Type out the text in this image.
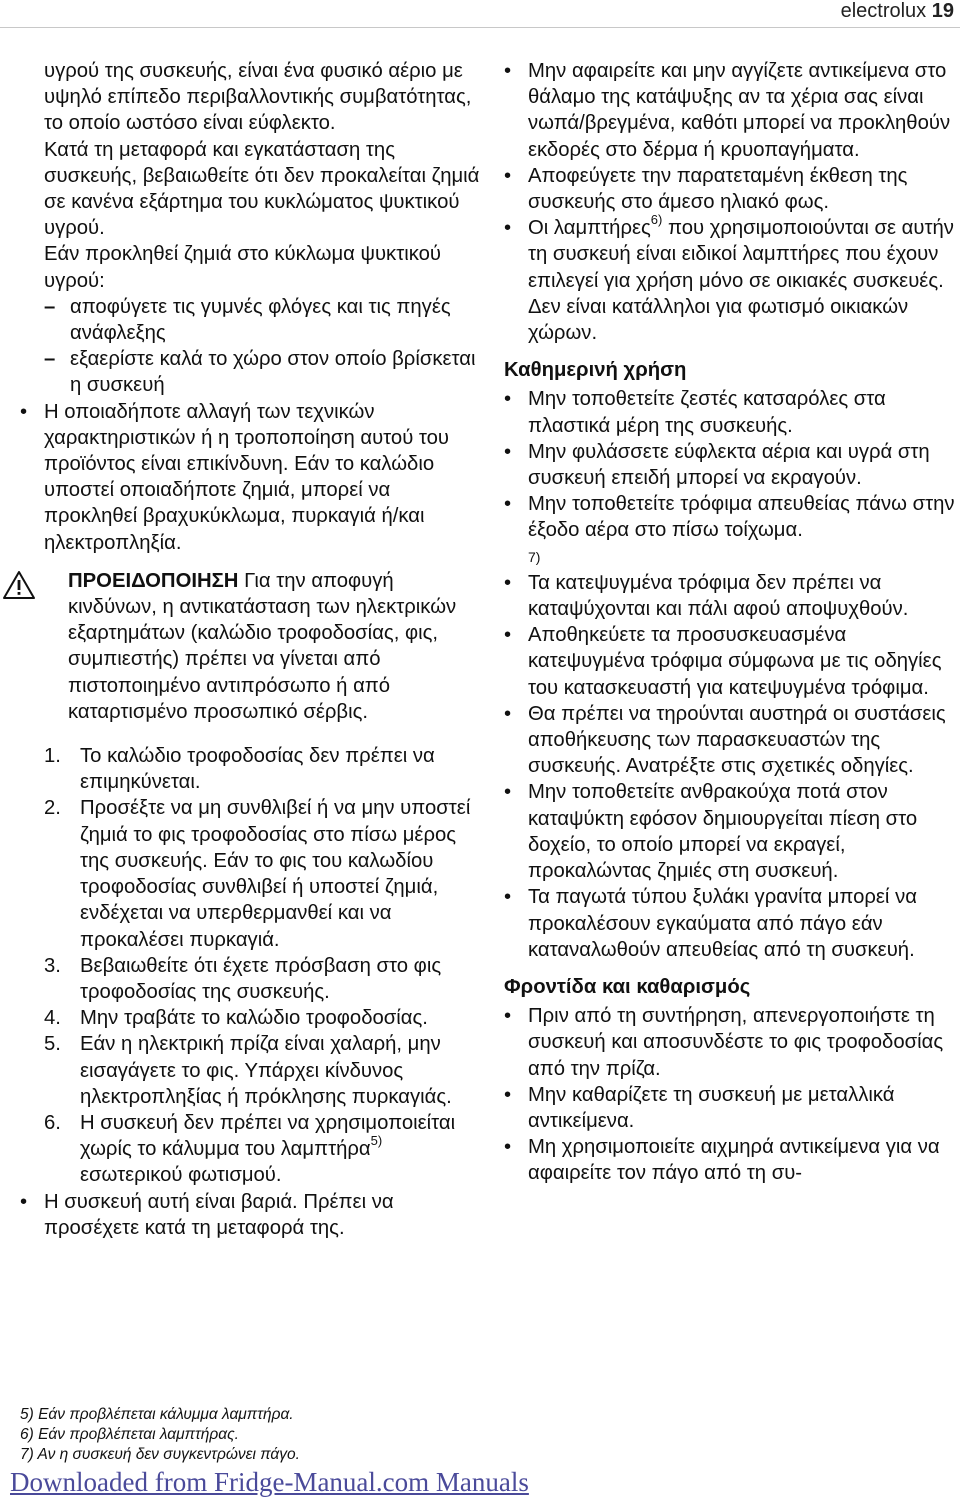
electrolux 19

υγρού της συσκευής, είναι ένα φυσικό αέριο με υψηλό επίπεδο περιβαλλοντικής συμβατότητας, το οποίο ωστόσο είναι εύφλεκτο.

Κατά τη μεταφορά και εγκατάσταση της συσκευής, βεβαιωθείτε ότι δεν προκαλείται ζημιά σε κανένα εξάρτημα του κυκλώματος ψυκτικού υγρού.

Εάν προκληθεί ζημιά στο κύκλωμα ψυκτικού υγρού:

– αποφύγετε τις γυμνές φλόγες και τις πηγές ανάφλεξης
– εξαερίστε καλά το χώρο στον οποίο βρίσκεται η συσκευή
• Η οποιαδήποτε αλλαγή των τεχνικών χαρακτηριστικών ή η τροποποίηση αυτού του προϊόντος είναι επικίνδυνη. Εάν το καλώδιο υποστεί οποιαδήποτε ζημιά, μπορεί να προκληθεί βραχυκύκλωμα, πυρκαγιά ή/και ηλεκτροπληξία.
ΠΡΟΕΙΔΟΠΟΙΗΣΗ Για την αποφυγή κινδύνων, η αντικατάσταση των ηλεκτρικών εξαρτημάτων (καλώδιο τροφοδοσίας, φις, συμπιεστής) πρέπει να γίνεται από πιστοποιημένο αντιπρόσωπο ή από καταρτισμένο προσωπικό σέρβις.
1. Το καλώδιο τροφοδοσίας δεν πρέπει να επιμηκύνεται.
2. Προσέξτε να μη συνθλιβεί ή να μην υποστεί ζημιά το φις τροφοδοσίας στο πίσω μέρος της συσκευής. Εάν το φις του καλωδίου τροφοδοσίας συνθλιβεί ή υποστεί ζημιά, ενδέχεται να υπερθερμανθεί και να προκαλέσει πυρκαγιά.
3. Βεβαιωθείτε ότι έχετε πρόσβαση στο φις τροφοδοσίας της συσκευής.
4. Μην τραβάτε το καλώδιο τροφοδοσίας.
5. Εάν η ηλεκτρική πρίζα είναι χαλαρή, μην εισαγάγετε το φις. Υπάρχει κίνδυνος ηλεκτροπληξίας ή πρόκλησης πυρκαγιάς.
6. Η συσκευή δεν πρέπει να χρησιμοποιείται χωρίς το κάλυμμα του λαμπτήρα$^{5)}$ εσωτερικού φωτισμού.
• Η συσκευή αυτή είναι βαριά. Πρέπει να προσέχετε κατά τη μεταφορά της.
• Μην αφαιρείτε και μην αγγίζετε αντικείμενα στο θάλαμο της κατάψυξης αν τα χέρια σας είναι νωπά/βρεγμένα, καθότι μπορεί να προκληθούν εκδορές στο δέρμα ή κρυοπαγήματα.
• Αποφεύγετε την παρατεταμένη έκθεση της συσκευής στο άμεσο ηλιακό φως.
• Οι λαμπτήρες$^{6)}$ που χρησιμοποιούνται σε αυτήν τη συσκευή είναι ειδικοί λαμπτήρες που έχουν επιλεγεί για χρήση μόνο σε οικιακές συσκευές. Δεν είναι κατάλληλοι για φωτισμό οικιακών χώρων.

Καθημερινή χρήση

• Μην τοποθετείτε ζεστές κατσαρόλες στα πλαστικά μέρη της συσκευής.
• Μην φυλάσσετε εύφλεκτα αέρια και υγρά στη συσκευή επειδή μπορεί να εκραγούν.
• Μην τοποθετείτε τρόφιμα απευθείας πάνω στην έξοδο αέρα στο πίσω τοίχωμα.
7)
• Τα κατεψυγμένα τρόφιμα δεν πρέπει να καταψύχονται και πάλι αφού αποψυχθούν.
• Αποθηκεύετε τα προσυσκευασμένα κατεψυγμένα τρόφιμα σύμφωνα με τις οδηγίες του κατασκευαστή για κατεψυγμένα τρόφιμα.
• Θα πρέπει να τηρούνται αυστηρά οι συστάσεις αποθήκευσης των παρασκευαστών της συσκευής. Ανατρέξτε στις σχετικές οδηγίες.
• Μην τοποθετείτε ανθρακούχα ποτά στον καταψύκτη εφόσον δημιουργείται πίεση στο δοχείο, το οποίο μπορεί να εκραγεί, προκαλώντας ζημιές στη συσκευή.
• Τα παγωτά τύπου ξυλάκι γρανίτα μπορεί να προκαλέσουν εγκαύματα από πάγο εάν καταναλωθούν απευθείας από τη συσκευή.

Φροντίδα και καθαρισμός

• Πριν από τη συντήρηση, απενεργοποιήστε τη συσκευή και αποσυνδέστε το φις τροφοδοσίας από την πρίζα.
• Μην καθαρίζετε τη συσκευή με μεταλλικά αντικείμενα.
• Μη χρησιμοποιείτε αιχμηρά αντικείμενα για να αφαιρείτε τον πάγο από τη συ-

5) Εάν προβλέπεται κάλυμμα λαμπτήρα.

6) Εάν προβλέπεται λαμπτήρας.

7) Αν η συσκευή δεν συγκεντρώνει πάγο.

Downloaded from Fridge-Manual.com Manuals
